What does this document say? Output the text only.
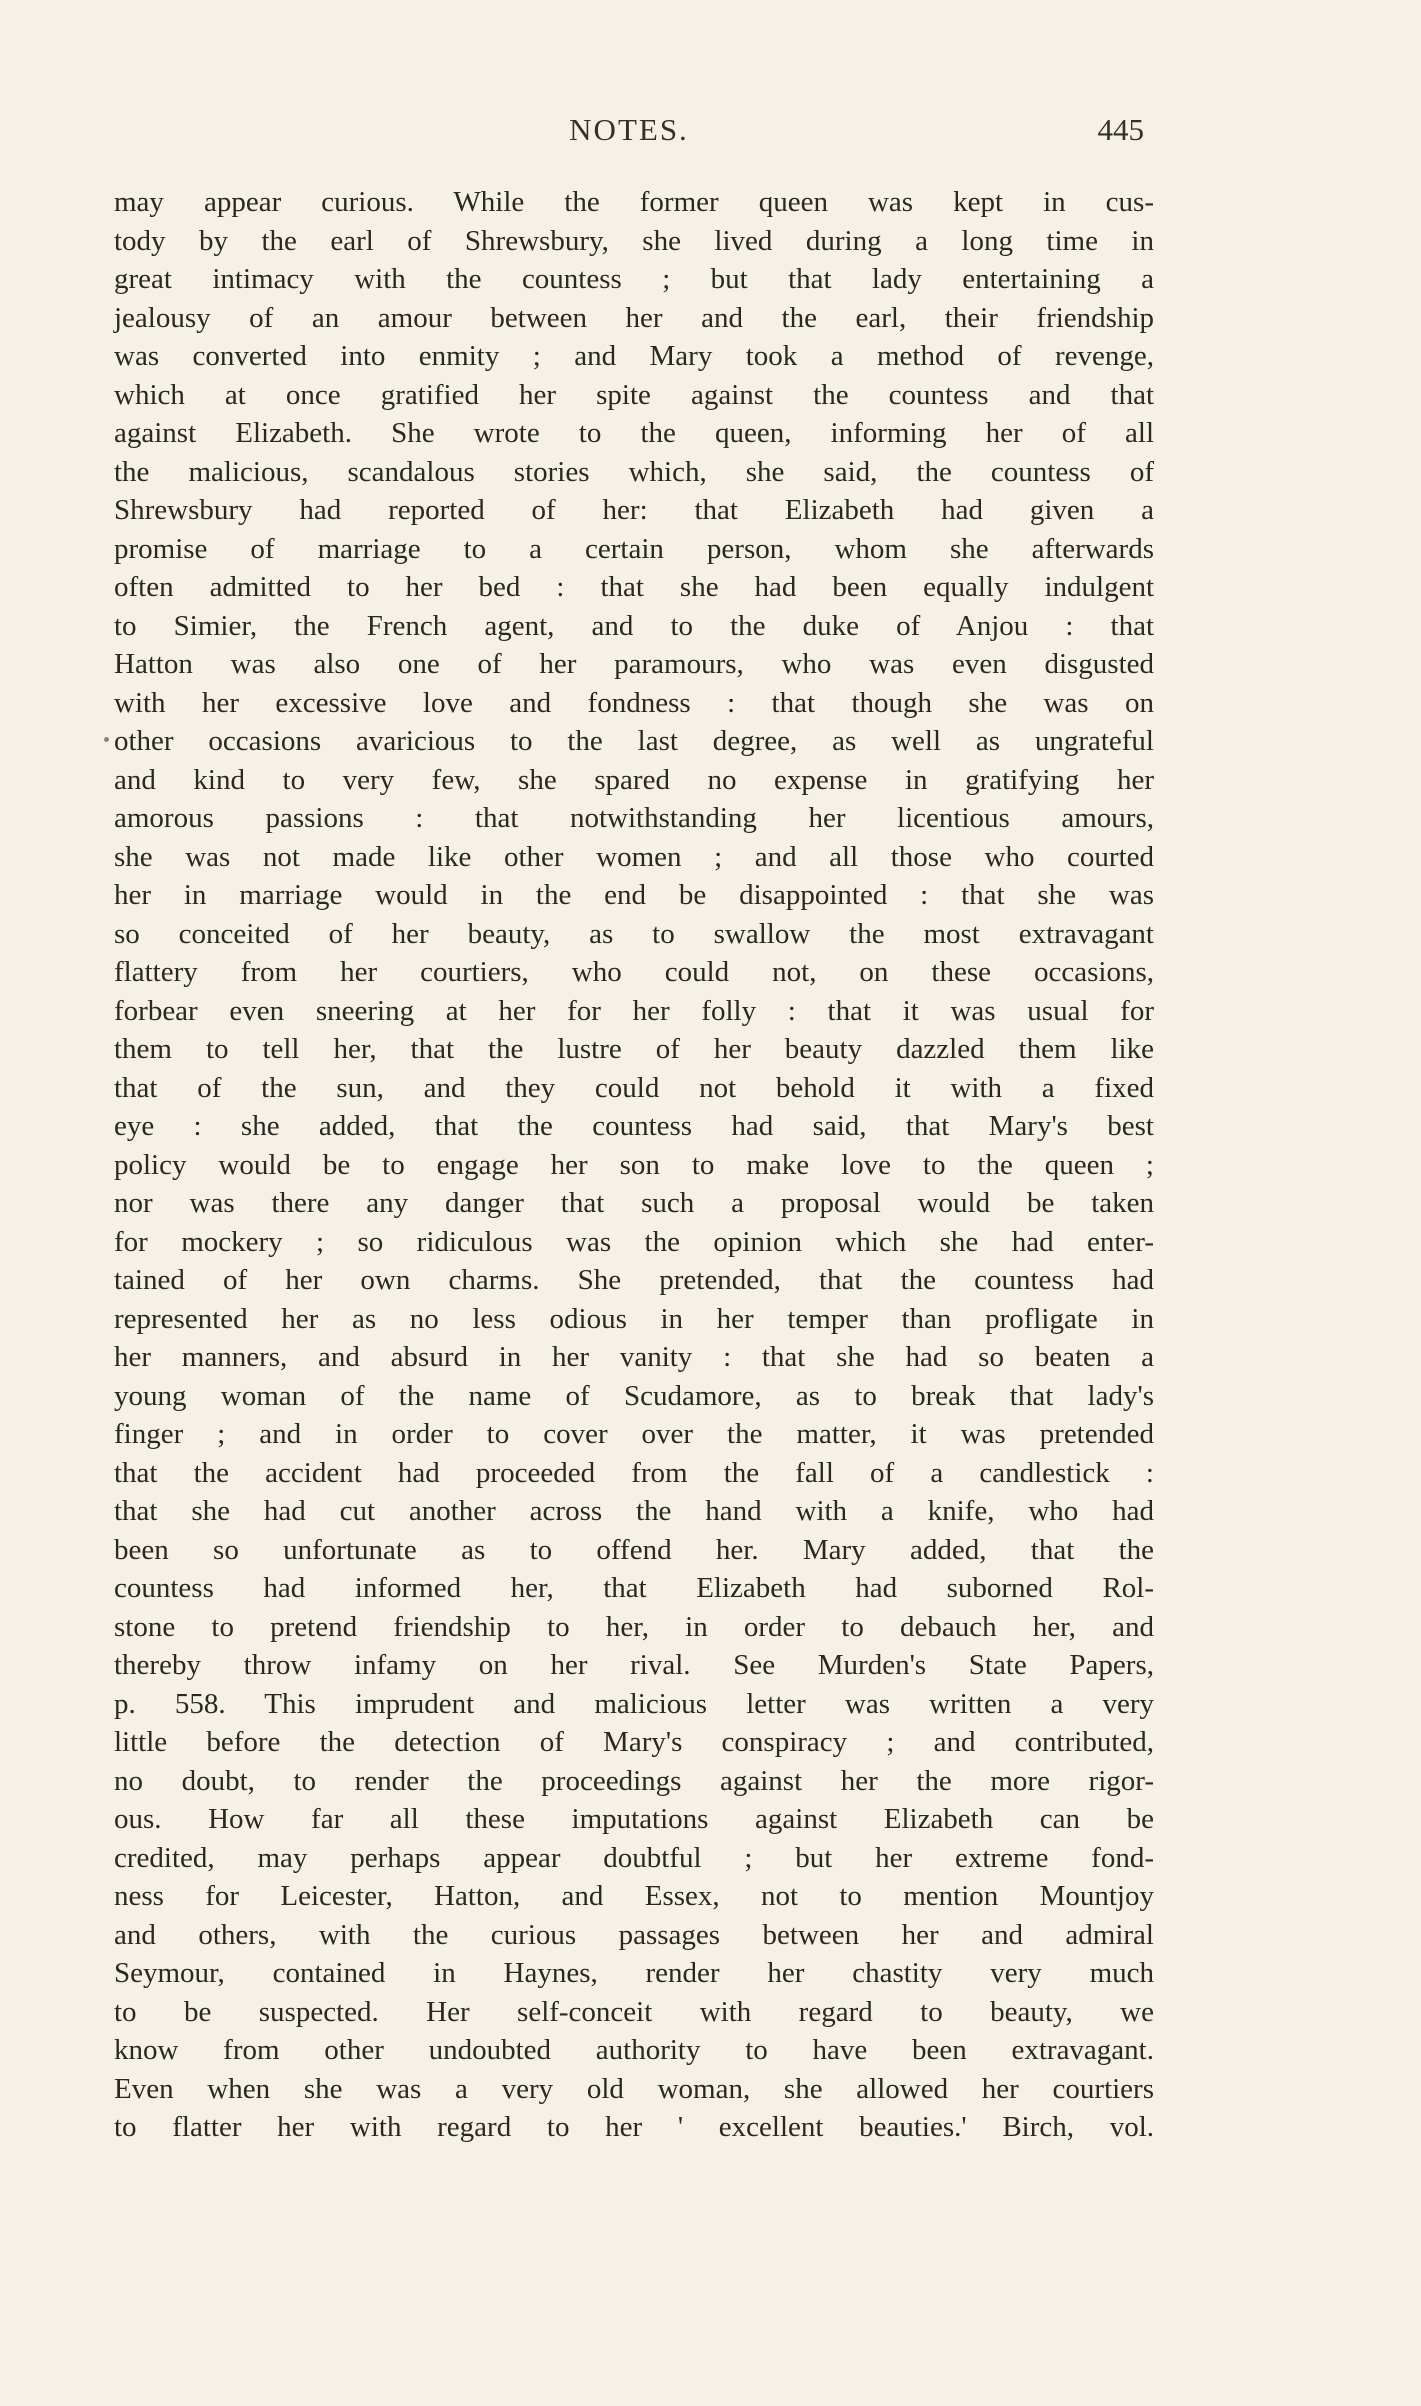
NOTES.	445
may appear curious. While the former queen was kept in cus-
tody by the earl of Shrewsbury, she lived during a long time in
great intimacy with the countess ; but that lady entertaining a
jealousy of an amour between her and the earl, their friendship
was converted into enmity ; and Mary took a method of revenge,
which at once gratified her spite against the countess and that
against Elizabeth. She wrote to the queen, informing her of all
the malicious, scandalous stories which, she said, the countess of
Shrewsbury had reported of her: that Elizabeth had given a
promise of marriage to a certain person, whom she afterwards
often admitted to her bed : that she had been equally indulgent
to Simier, the French agent, and to the duke of Anjou : that
Hatton was also one of her paramours, who was even disgusted
with her excessive love and fondness : that though she was on
other occasions avaricious to the last degree, as well as ungrateful
and kind to very few, she spared no expense in gratifying her
amorous passions : that notwithstanding her licentious amours,
she was not made like other women ; and all those who courted
her in marriage would in the end be disappointed : that she was
so conceited of her beauty, as to swallow the most extravagant
flattery from her courtiers, who could not, on these occasions,
forbear even sneering at her for her folly : that it was usual for
them to tell her, that the lustre of her beauty dazzled them like
that of the sun, and they could not behold it with a fixed
eye : she added, that the countess had said, that Mary's best
policy would be to engage her son to make love to the queen ;
nor was there any danger that such a proposal would be taken
for mockery ; so ridiculous was the opinion which she had enter-
tained of her own charms. She pretended, that the countess had
represented her as no less odious in her temper than profligate in
her manners, and absurd in her vanity : that she had so beaten a
young woman of the name of Scudamore, as to break that lady's
finger ; and in order to cover over the matter, it was pretended
that the accident had proceeded from the fall of a candlestick :
that she had cut another across the hand with a knife, who had
been so unfortunate as to offend her. Mary added, that the
countess had informed her, that Elizabeth had suborned Rol-
stone to pretend friendship to her, in order to debauch her, and
thereby throw infamy on her rival. See Murden's State Papers,
p. 558. This imprudent and malicious letter was written a very
little before the detection of Mary's conspiracy ; and contributed,
no doubt, to render the proceedings against her the more rigor-
ous. How far all these imputations against Elizabeth can be
credited, may perhaps appear doubtful ; but her extreme fond-
ness for Leicester, Hatton, and Essex, not to mention Mountjoy
and others, with the curious passages between her and admiral
Seymour, contained in Haynes, render her chastity very much
to be suspected. Her self-conceit with regard to beauty, we
know from other undoubted authority to have been extravagant.
Even when she was a very old woman, she allowed her courtiers
to flatter her with regard to her ' excellent beauties.' Birch, vol.
